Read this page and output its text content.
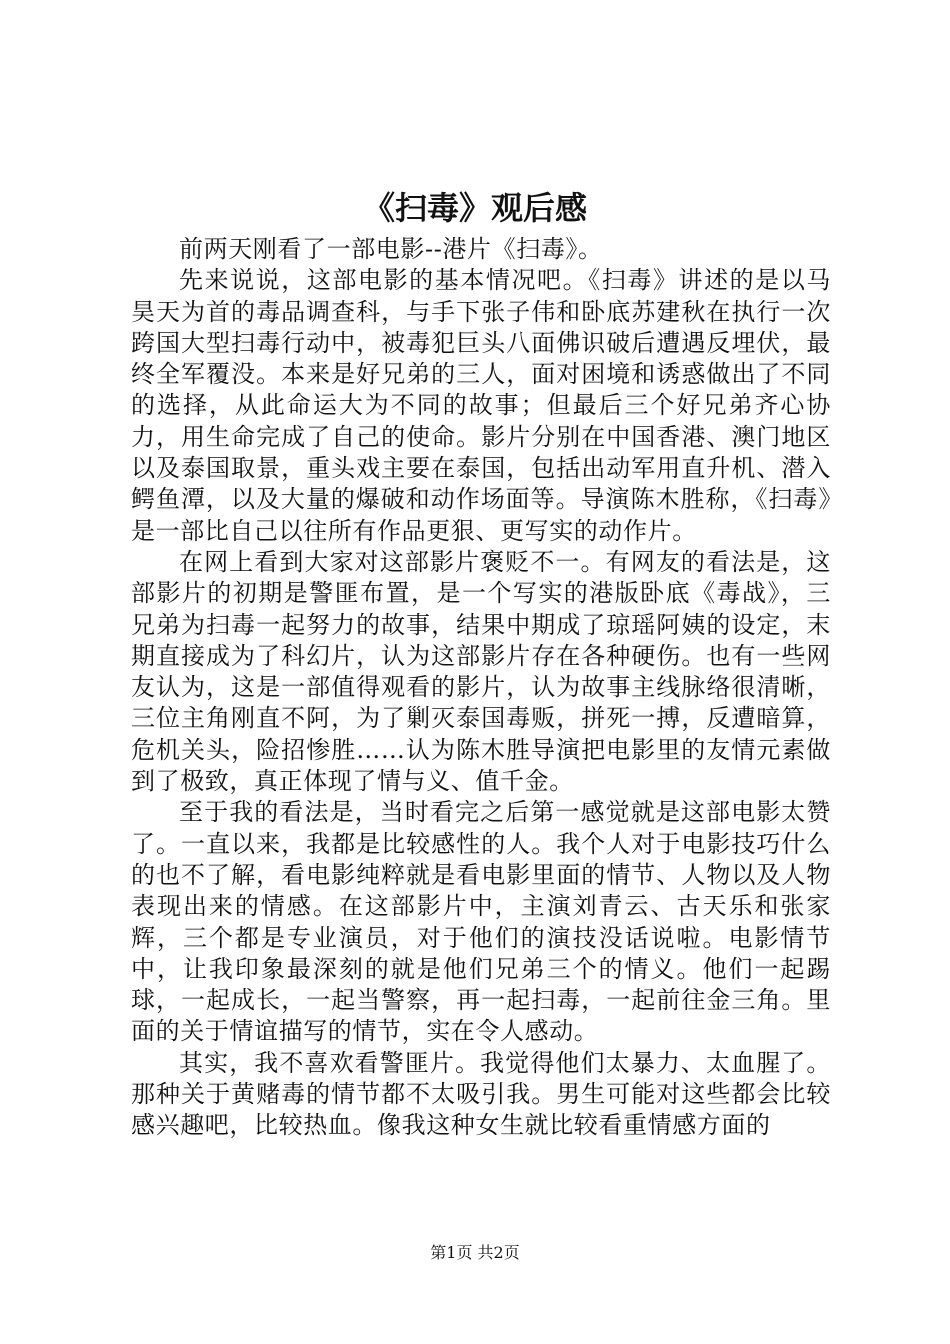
《扫毒》观后感

前两天刚看了一部电影--港片《扫毒》。

先来说说，这部电影的基本情况吧。《扫毒》讲述的是以马昊天为首的毒品调查科，与手下张子伟和卧底苏建秋在执行一次跨国大型扫毒行动中，被毒犯巨头八面佛识破后遭遇反埋伏，最终全军覆没。本来是好兄弟的三人，面对困境和诱惑做出了不同的选择，从此命运大为不同的故事；但最后三个好兄弟齐心协力，用生命完成了自己的使命。影片分别在中国香港、澳门地区以及泰国取景，重头戏主要在泰国，包括出动军用直升机、潜入鳄鱼潭，以及大量的爆破和动作场面等。导演陈木胜称，《扫毒》是一部比自己以往所有作品更狠、更写实的动作片。

在网上看到大家对这部影片褒贬不一。有网友的看法是，这部影片的初期是警匪布置，是一个写实的港版卧底《毒战》，三兄弟为扫毒一起努力的故事，结果中期成了琼瑶阿姨的设定，末期直接成为了科幻片，认为这部影片存在各种硬伤。也有一些网友认为，这是一部值得观看的影片，认为故事主线脉络很清晰，三位主角刚直不阿，为了剿灭泰国毒贩，拼死一搏，反遭暗算，危机关头，险招惨胜……认为陈木胜导演把电影里的友情元素做到了极致，真正体现了情与义、值千金。

至于我的看法是，当时看完之后第一感觉就是这部电影太赞了。一直以来，我都是比较感性的人。我个人对于电影技巧什么的也不了解，看电影纯粹就是看电影里面的情节、人物以及人物表现出来的情感。在这部影片中，主演刘青云、古天乐和张家辉，三个都是专业演员，对于他们的演技没话说啦。电影情节中，让我印象最深刻的就是他们兄弟三个的情义。他们一起踢球，一起成长，一起当警察，再一起扫毒，一起前往金三角。里面的关于情谊描写的情节，实在令人感动。

其实，我不喜欢看警匪片。我觉得他们太暴力、太血腥了。那种关于黄赌毒的情节都不太吸引我。男生可能对这些都会比较感兴趣吧，比较热血。像我这种女生就比较看重情感方面的

第1页 共2页
